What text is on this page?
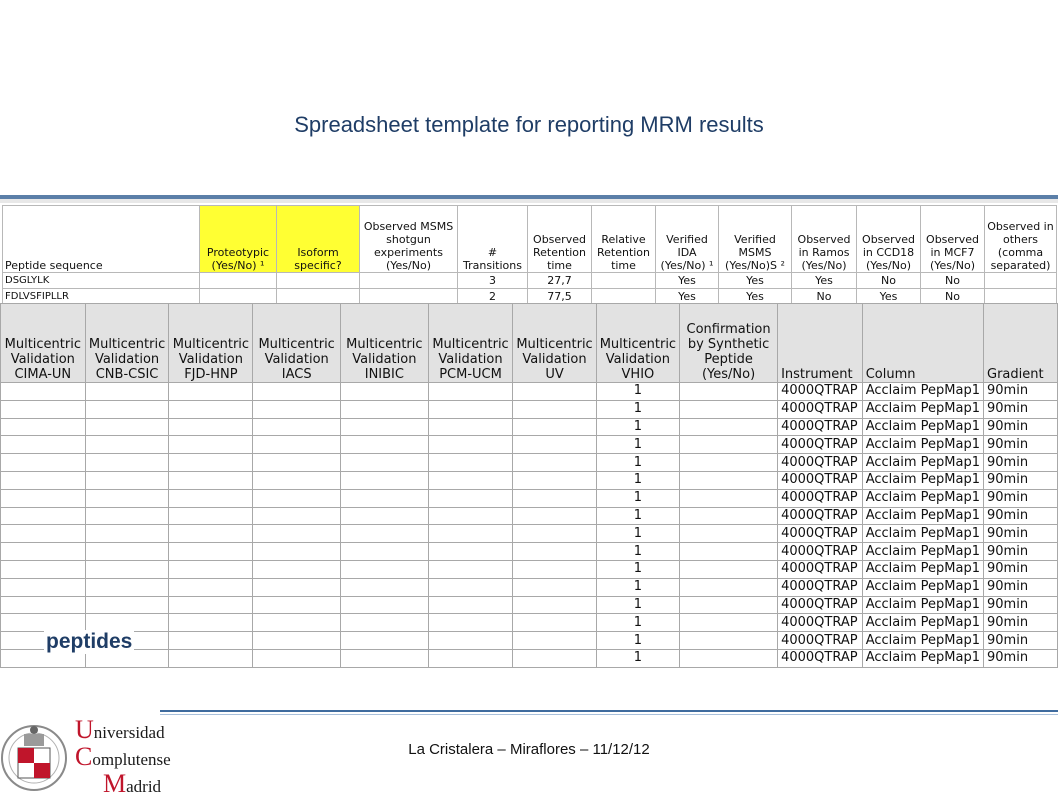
Spreadsheet template for reporting MRM results
Peptide sequence	Proteotypic (Yes/No) ¹	Isoform specific?	Observed MSMS shotgun experiments (Yes/No)	# Transitions	Observed Retention time	Relative Retention time	Verified IDA (Yes/No) ¹	Verified MSMS (Yes/No)S ²	Observed in Ramos (Yes/No)	Observed in CCD18 (Yes/No)	Observed in MCF7 (Yes/No)	Observed in others (comma separated)
DSGLYLK				3	27,7		Yes	Yes	Yes	No	No	
FDLVSFIPLLR				2	77,5		Yes	Yes	No	Yes	No	
Multicentric Validation CIMA-UN	Multicentric Validation CNB-CSIC	Multicentric Validation FJD-HNP	Multicentric Validation IACS	Multicentric Validation INIBIC	Multicentric Validation PCM-UCM	Multicentric Validation UV	Multicentric Validation VHIO	Confirmation by Synthetic Peptide (Yes/No)	Instrument	Column	Gradient
							1		4000QTRAP	Acclaim PepMap1	90min
							1		4000QTRAP	Acclaim PepMap1	90min
							1		4000QTRAP	Acclaim PepMap1	90min
							1		4000QTRAP	Acclaim PepMap1	90min
							1		4000QTRAP	Acclaim PepMap1	90min
							1		4000QTRAP	Acclaim PepMap1	90min
							1		4000QTRAP	Acclaim PepMap1	90min
							1		4000QTRAP	Acclaim PepMap1	90min
							1		4000QTRAP	Acclaim PepMap1	90min
							1		4000QTRAP	Acclaim PepMap1	90min
							1		4000QTRAP	Acclaim PepMap1	90min
							1		4000QTRAP	Acclaim PepMap1	90min
							1		4000QTRAP	Acclaim PepMap1	90min
							1		4000QTRAP	Acclaim PepMap1	90min
							1		4000QTRAP	Acclaim PepMap1	90min
							1		4000QTRAP	Acclaim PepMap1	90min
peptides
Universidad
Complutense
Madrid
La Cristalera – Miraflores – 11/12/12
